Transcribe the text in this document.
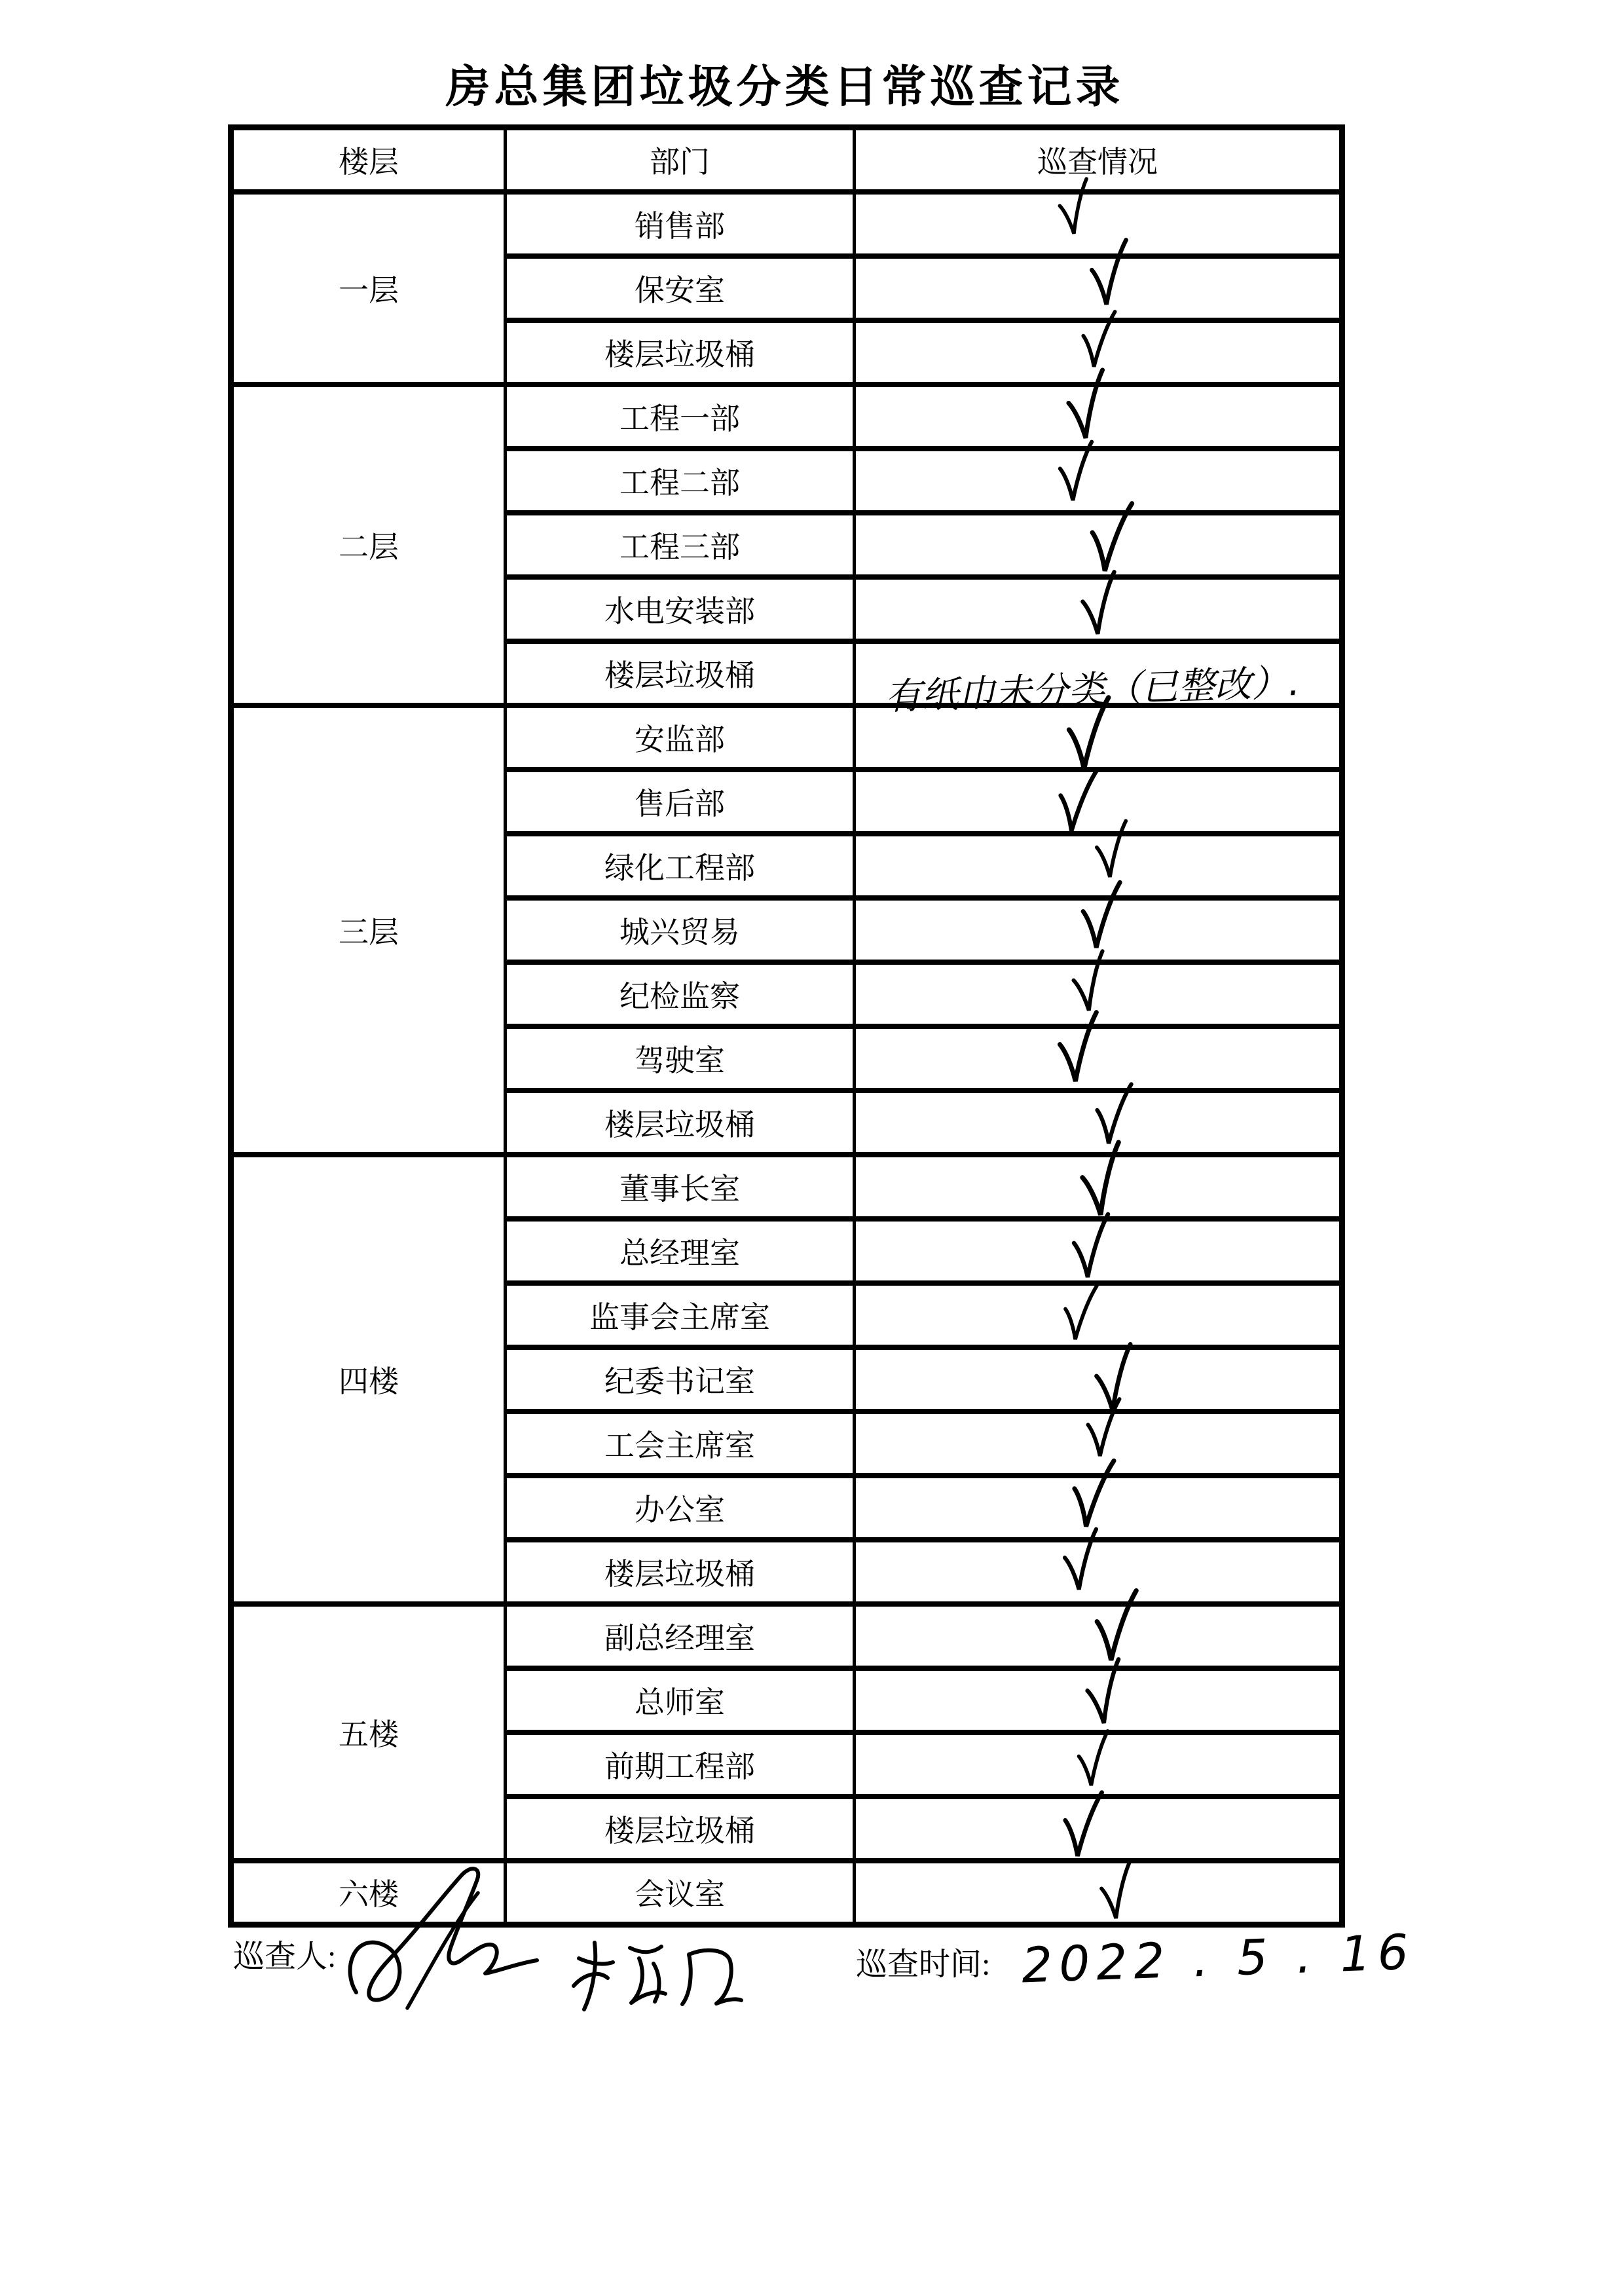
房总集团垃圾分类日常巡查记录
楼层	部门	巡查情况
一层	销售部	

	保安室	

	楼层垃圾桶	

二层	工程一部	

	工程二部	

	工程三部	

	水电安装部	

	楼层垃圾桶	有纸巾未分类（已整改）.

三层	安监部	

	售后部	

	绿化工程部	

	城兴贸易	

	纪检监察	

	驾驶室	

	楼层垃圾桶	

四楼	董事长室	

	总经理室	

	监事会主席室	

	纪委书记室	

	工会主席室	

	办公室	

	楼层垃圾桶	

五楼	副总经理室	

	总师室	

	前期工程部	

	楼层垃圾桶	

六楼	会议室	
巡查人:	巡查时间: 2022 . 5 . 16
